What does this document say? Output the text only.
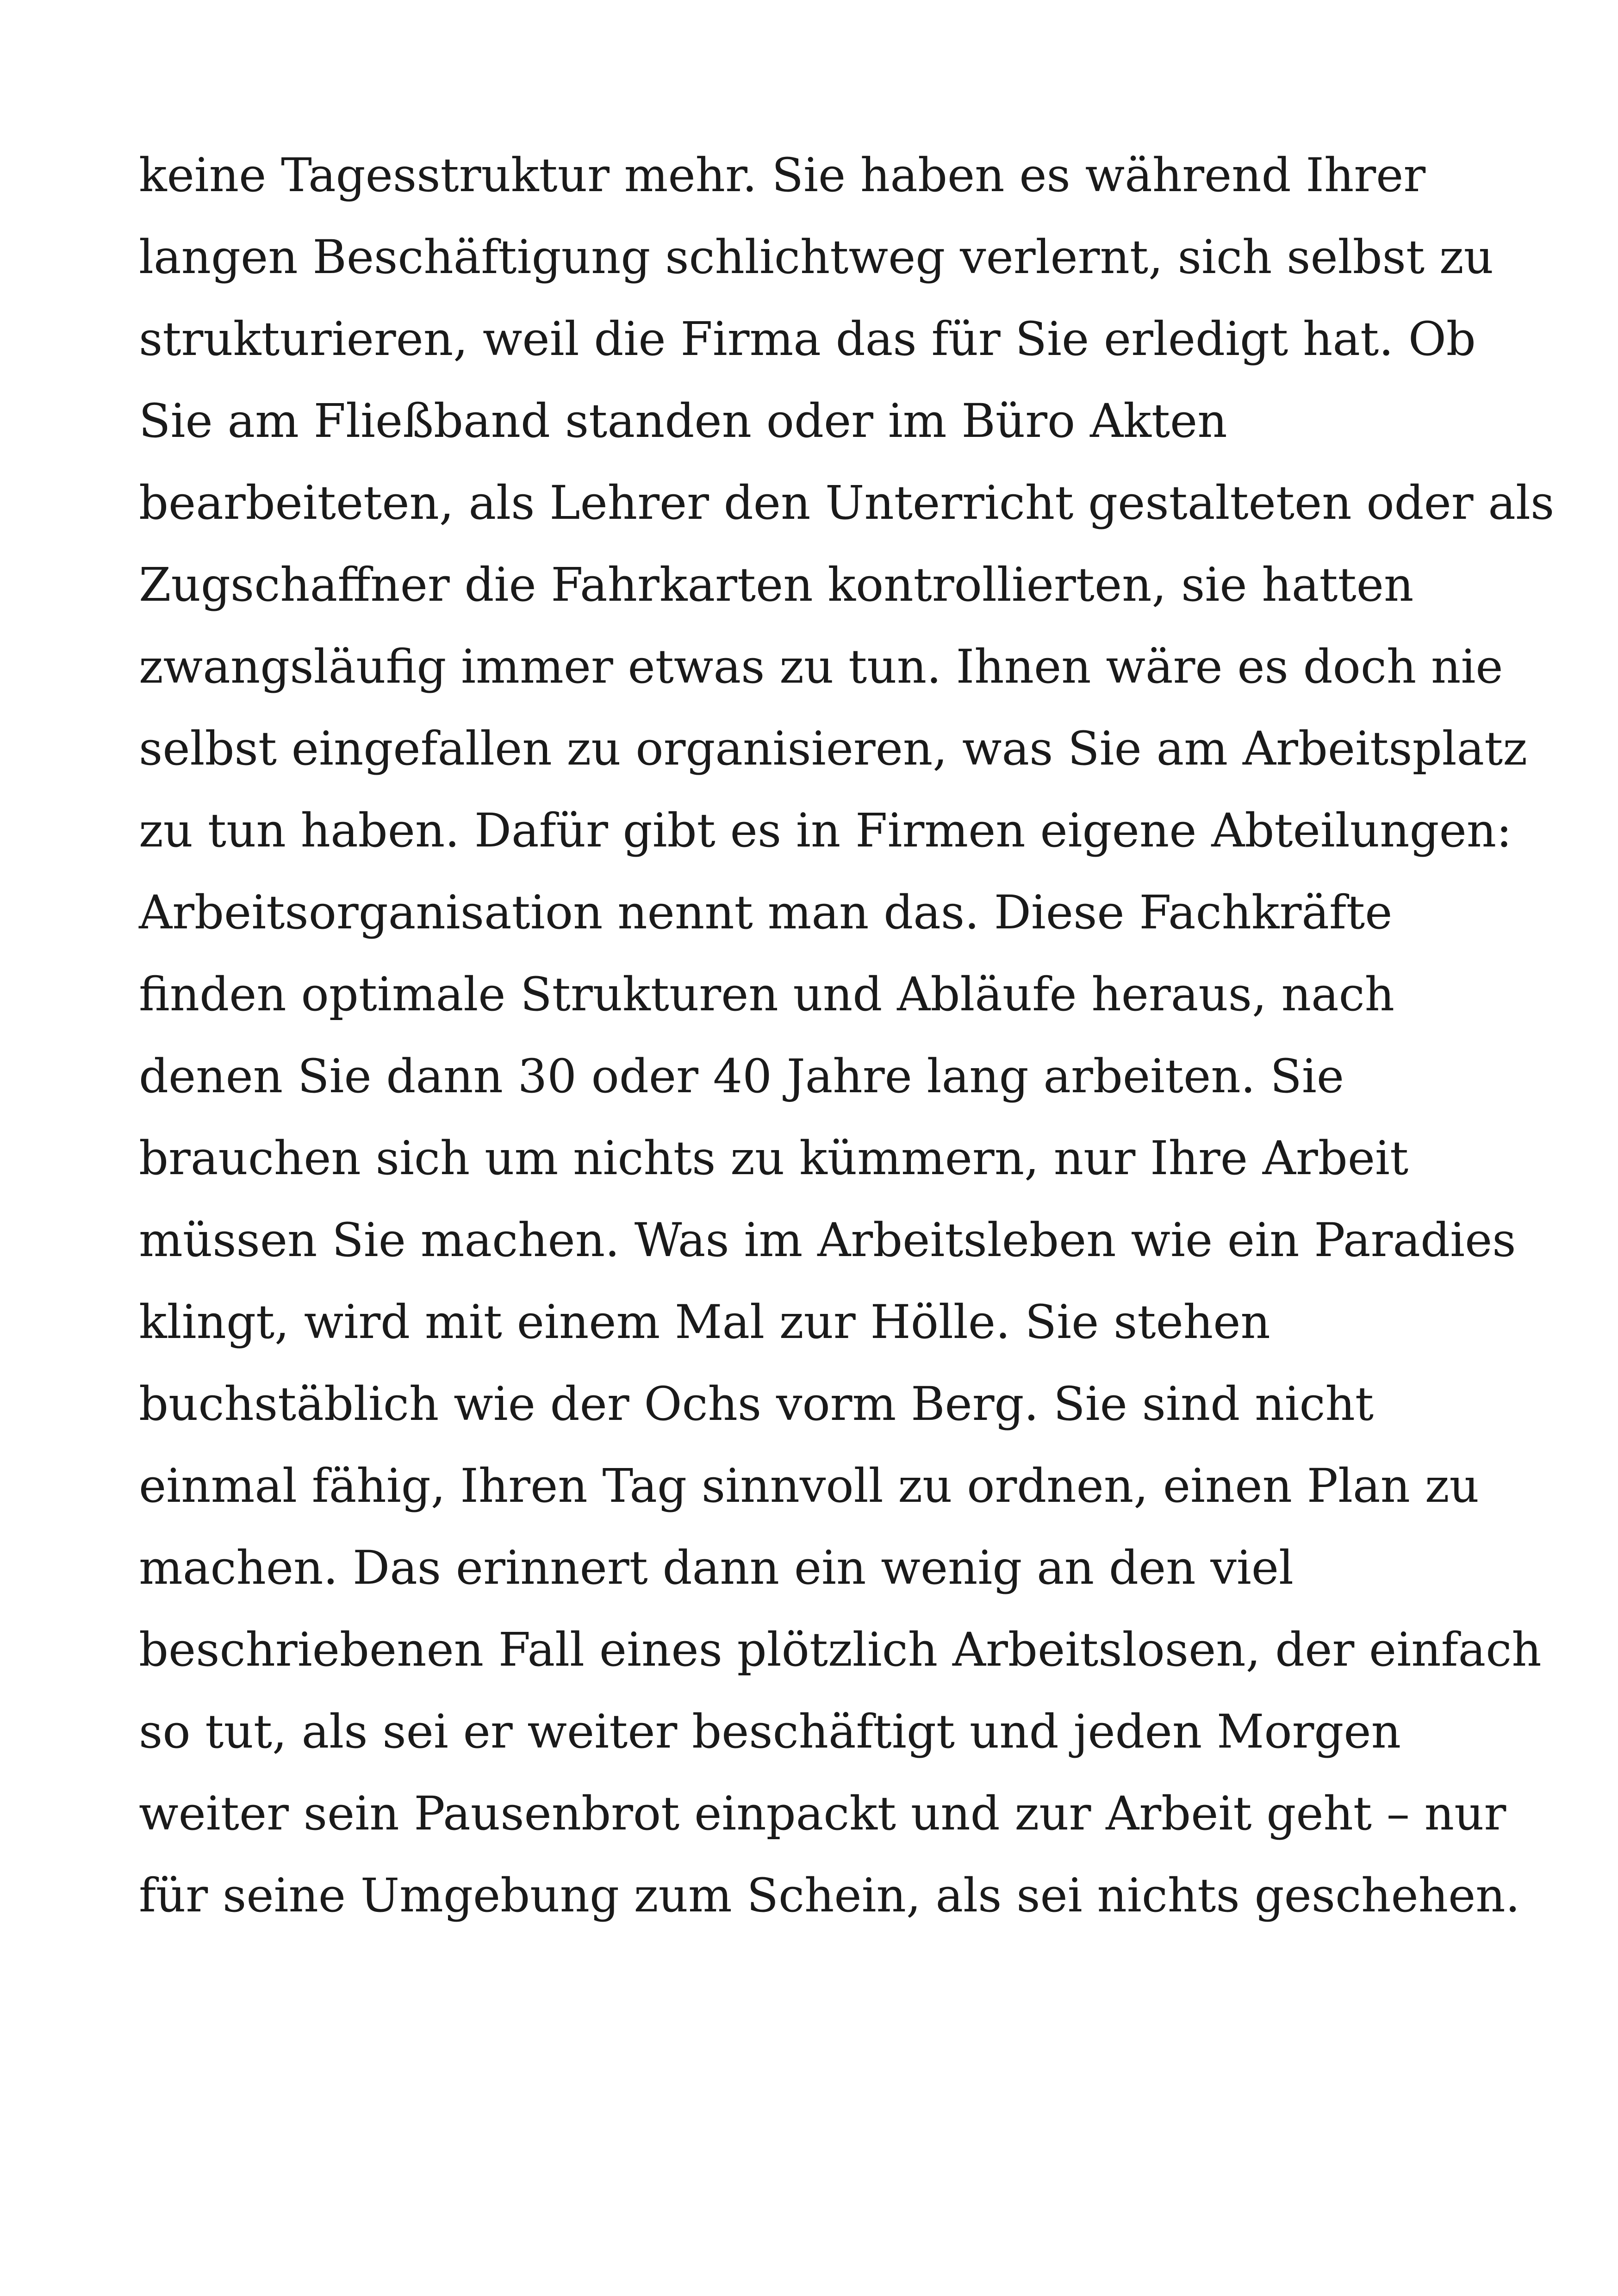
keine Tagesstruktur mehr. Sie haben es während Ihrer
langen Beschäftigung schlichtweg verlernt, sich selbst zu
strukturieren, weil die Firma das für Sie erledigt hat. Ob
Sie am Fließband standen oder im Büro Akten
bearbeiteten, als Lehrer den Unterricht gestalteten oder als
Zugschaffner die Fahrkarten kontrollierten, sie hatten
zwangsläufig immer etwas zu tun. Ihnen wäre es doch nie
selbst eingefallen zu organisieren, was Sie am Arbeitsplatz
zu tun haben. Dafür gibt es in Firmen eigene Abteilungen:
Arbeitsorganisation nennt man das. Diese Fachkräfte
finden optimale Strukturen und Abläufe heraus, nach
denen Sie dann 30 oder 40 Jahre lang arbeiten. Sie
brauchen sich um nichts zu kümmern, nur Ihre Arbeit
müssen Sie machen. Was im Arbeitsleben wie ein Paradies
klingt, wird mit einem Mal zur Hölle. Sie stehen
buchstäblich wie der Ochs vorm Berg. Sie sind nicht
einmal fähig, Ihren Tag sinnvoll zu ordnen, einen Plan zu
machen. Das erinnert dann ein wenig an den viel
beschriebenen Fall eines plötzlich Arbeitslosen, der einfach
so tut, als sei er weiter beschäftigt und jeden Morgen
weiter sein Pausenbrot einpackt und zur Arbeit geht – nur
für seine Umgebung zum Schein, als sei nichts geschehen.
